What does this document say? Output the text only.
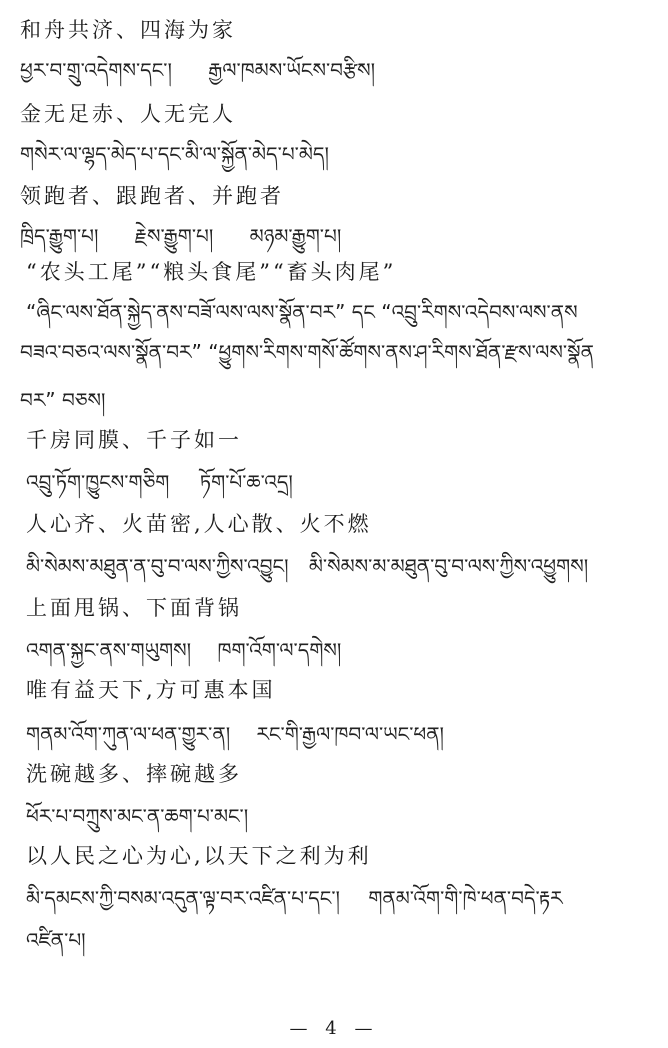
和舟共济、四海为家
ཕྱར་བ་གྲུ་འདེགས་དང་། རྒྱལ་ཁམས་ཡོངས་བརྩིས།
金无足赤、人无完人
གསེར་ལ་ལྷད་མེད་པ་དང་མི་ལ་སྐྱོན་མེད་པ་མེད།
领跑者、跟跑者、并跑者
ཁྲིད་རྒྱུག་པ། རྗེས་རྒྱུག་པ། མཉམ་རྒྱུག་པ།
“农头工尾”“粮头食尾”“畜头肉尾”
“ཞིང་ལས་ཐོན་སྐྱེད་ནས་བཟོ་ལས་ལས་སྣོན་བར” དང “འབྲུ་རིགས་འདེབས་ལས་ནས
བཟའ་བཅའ་ལས་སྣོན་བར” “ཕྱུགས་རིགས་གསོ་ཚོགས་ནས་ཤ་རིགས་ཐོན་རྫས་ལས་སྣོན
བར” བཅས།
千房同膜、千子如一
འབྲུ་ཏོག་ཁྱུངས་གཅིག ཏོག་པོ་ཆ་འདྲ།
人心齐、火苗密,人心散、火不燃
མི་སེམས་མཐུན་ན་བུ་བ་ལས་ཀྱིས་འབྱུང། མི་སེམས་མ་མཐུན་བུ་བ་ལས་ཀྱིས་འཕྱུགས།
上面甩锅、下面背锅
འགན་སྐྱང་ནས་གཡུགས། ཁག་འོག་ལ་དགེས།
唯有益天下,方可惠本国
གནམ་འོག་ཀུན་ལ་ཕན་གྱུར་ན། རང་གི་རྒྱལ་ཁབ་ལ་ཡང་ཕན།
洗碗越多、摔碗越多
ཕོར་པ་བཀྲུས་མང་ན་ཆག་པ་མང་།
以人民之心为心,以天下之利为利
མི་དམངས་ཀྱི་བསམ་འདུན་ལྟ་བར་འཛིན་པ་དང་། གནམ་འོག་གི་ཁེ་ཕན་བདེ་རྟར
འཛིན་པ།
— 4 —
